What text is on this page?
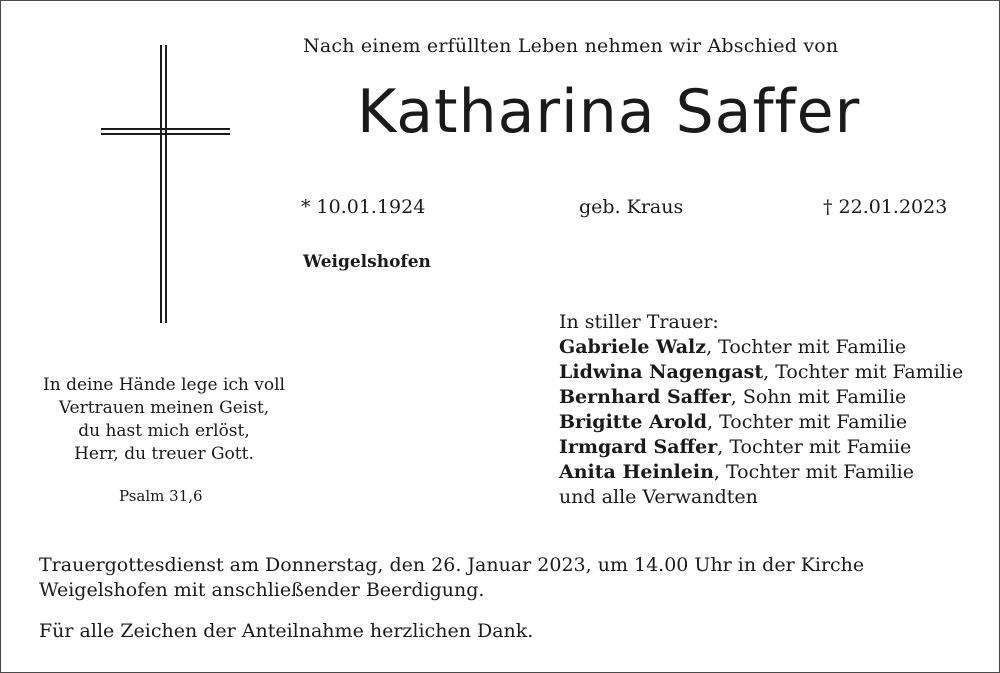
Nach einem erfüllten Leben nehmen wir Abschied von
Katharina Saffer
* 10.01.1924	geb. Kraus	† 22.01.2023
Weigelshofen
In stiller Trauer:
Gabriele Walz, Tochter mit Familie
Lidwina Nagengast, Tochter mit Familie
Bernhard Saffer, Sohn mit Familie
Brigitte Arold, Tochter mit Familie
Irmgard Saffer, Tochter mit Famiie
Anita Heinlein, Tochter mit Familie
und alle Verwandten
In deine Hände lege ich voll
Vertrauen meinen Geist,
du hast mich erlöst,
Herr, du treuer Gott.
Psalm 31,6
Trauergottesdienst am Donnerstag, den 26. Januar 2023, um 14.00 Uhr in der Kirche
Weigelshofen mit anschließender Beerdigung.
Für alle Zeichen der Anteilnahme herzlichen Dank.
